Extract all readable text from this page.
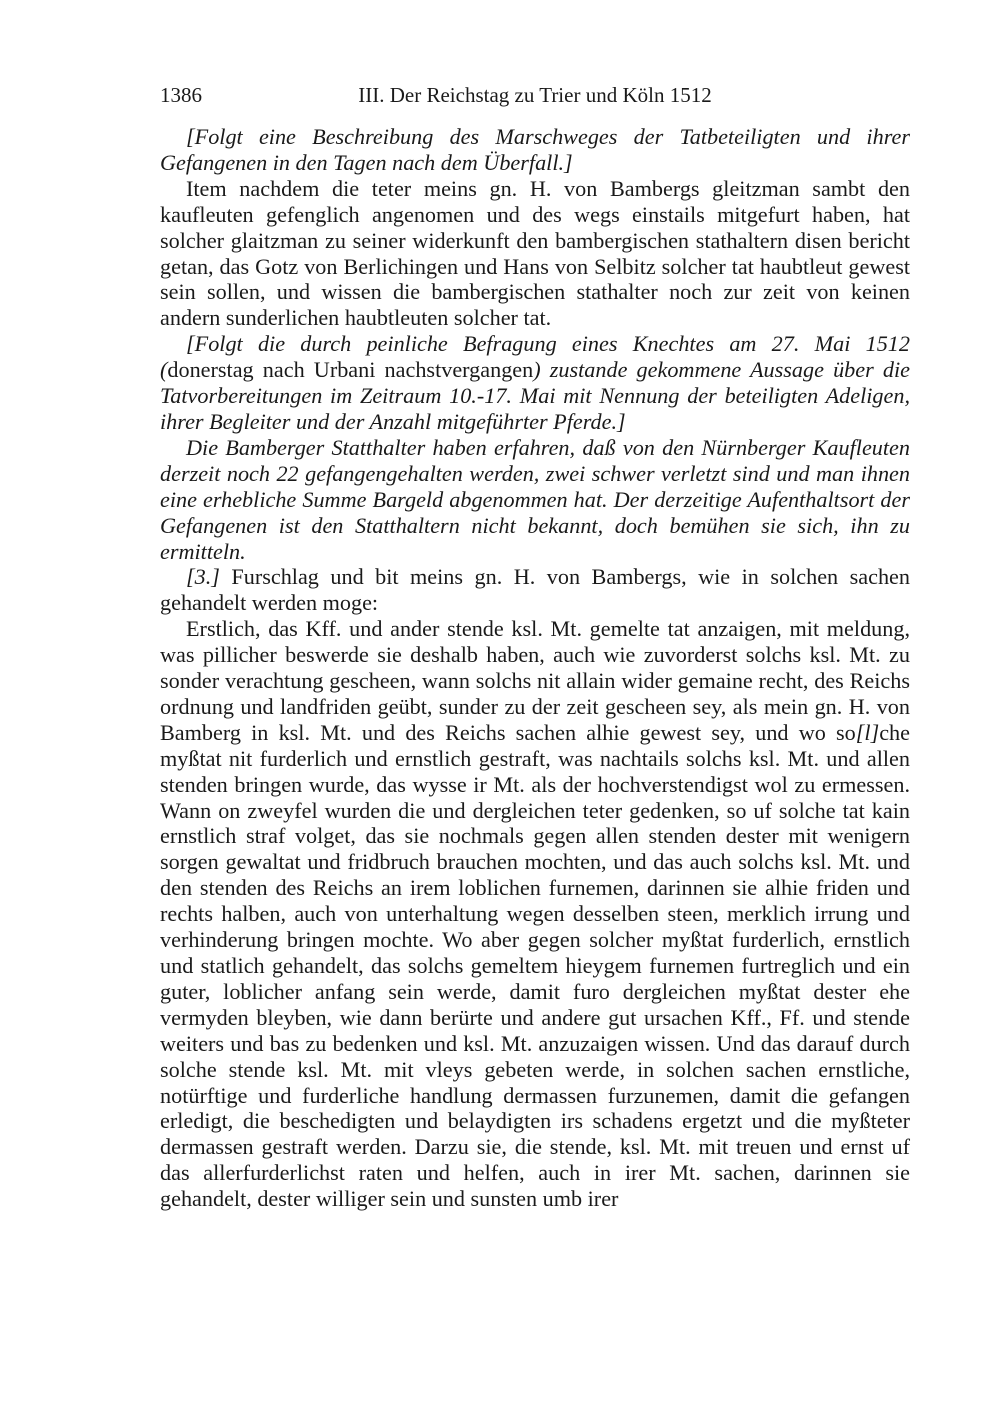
1386	III. Der Reichstag zu Trier und Köln 1512

[Folgt eine Beschreibung des Marschweges der Tatbeteiligten und ihrer Gefangenen in den Tagen nach dem Überfall.]

Item nachdem die teter meins gn. H. von Bambergs gleitzman sambt den kaufleuten gefenglich angenomen und des wegs einstails mitgefurt haben, hat solcher glaitzman zu seiner widerkunft den bambergischen stathaltern disen bericht getan, das Gotz von Berlichingen und Hans von Selbitz solcher tat haubtleut gewest sein sollen, und wissen die bambergischen stathalter noch zur zeit von keinen andern sunderlichen haubtleuten solcher tat.

[Folgt die durch peinliche Befragung eines Knechtes am 27. Mai 1512 (donerstag nach Urbani nachstvergangen) zustande gekommene Aussage über die Tatvorbereitungen im Zeitraum 10.-17. Mai mit Nennung der beteiligten Adeligen, ihrer Begleiter und der Anzahl mitgeführter Pferde.]

Die Bamberger Statthalter haben erfahren, daß von den Nürnberger Kaufleuten derzeit noch 22 gefangengehalten werden, zwei schwer verletzt sind und man ihnen eine erhebliche Summe Bargeld abgenommen hat. Der derzeitige Aufenthaltsort der Gefangenen ist den Statthaltern nicht bekannt, doch bemühen sie sich, ihn zu ermitteln.

[3.] Furschlag und bit meins gn. H. von Bambergs, wie in solchen sachen gehandelt werden moge:

Erstlich, das Kff. und ander stende ksl. Mt. gemelte tat anzaigen, mit meldung, was pillicher beswerde sie deshalb haben, auch wie zuvorderst solchs ksl. Mt. zu sonder verachtung gescheen, wann solchs nit allain wider gemaine recht, des Reichs ordnung und landfriden geübt, sunder zu der zeit gescheen sey, als mein gn. H. von Bamberg in ksl. Mt. und des Reichs sachen alhie gewest sey, und wo so[l]che myßtat nit furderlich und ernstlich gestraft, was nachtails solchs ksl. Mt. und allen stenden bringen wurde, das wysse ir Mt. als der hochverstendigst wol zu ermessen. Wann on zweyfel wurden die und dergleichen teter gedenken, so uf solche tat kain ernstlich straf volget, das sie nochmals gegen allen stenden dester mit wenigern sorgen gewaltat und fridbruch brauchen mochten, und das auch solchs ksl. Mt. und den stenden des Reichs an irem loblichen furnemen, darinnen sie alhie friden und rechts halben, auch von unterhaltung wegen desselben steen, merklich irrung und verhinderung bringen mochte. Wo aber gegen solcher myßtat furderlich, ernstlich und statlich gehandelt, das solchs gemeltem hieygem furnemen furtreglich und ein guter, loblicher anfang sein werde, damit furo dergleichen myßtat dester ehe vermyden bleyben, wie dann berürte und andere gut ursachen Kff., Ff. und stende weiters und bas zu bedenken und ksl. Mt. anzuzaigen wissen. Und das darauf durch solche stende ksl. Mt. mit vleys gebeten werde, in solchen sachen ernstliche, notürftige und furderliche handlung dermassen furzunemen, damit die gefangen erledigt, die beschedigten und belaydigten irs schadens ergetzt und die myßteter dermassen gestraft werden. Darzu sie, die stende, ksl. Mt. mit treuen und ernst uf das allerfurderlichst raten und helfen, auch in irer Mt. sachen, darinnen sie gehandelt, dester williger sein und sunsten umb irer
